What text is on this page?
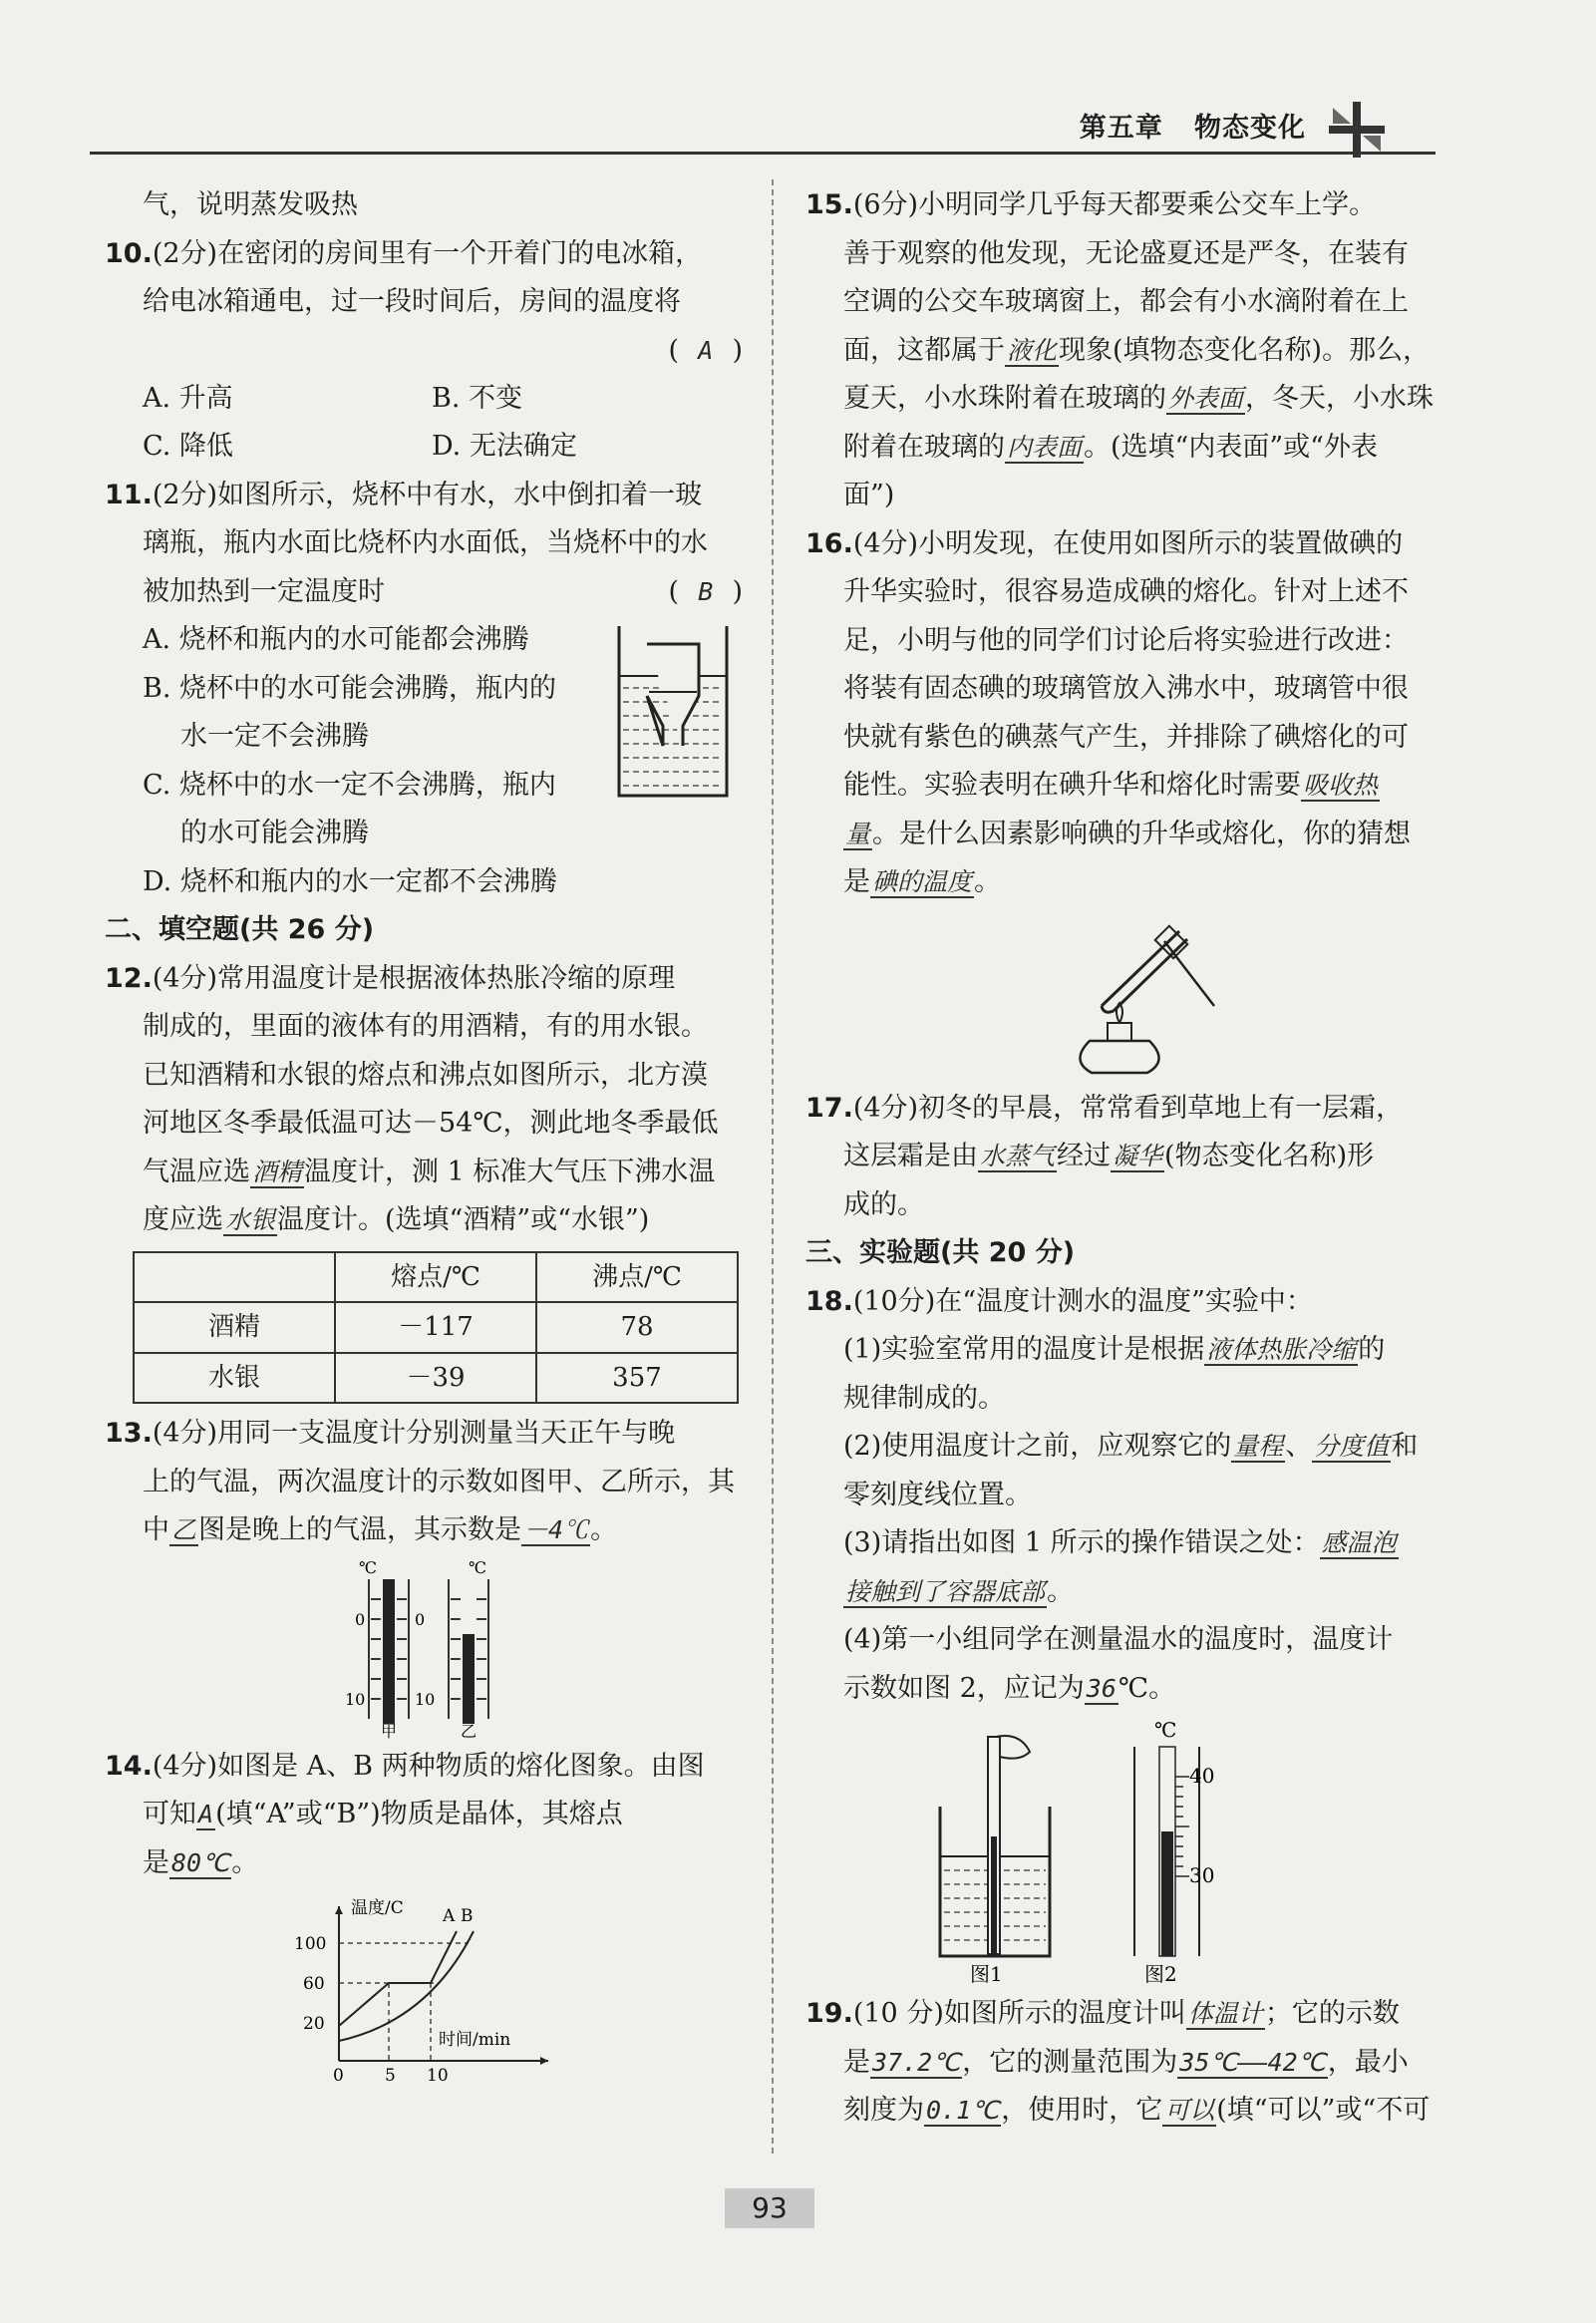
第五章 物态变化
气，说明蒸发吸热
10.(2分)在密闭的房间里有一个开着门的电冰箱，
给电冰箱通电，过一段时间后，房间的温度将
(  A  )
A. 升高	B. 不变
C. 降低	D. 无法确定
11.(2分)如图所示，烧杯中有水，水中倒扣着一玻
璃瓶，瓶内水面比烧杯内水面低，当烧杯中的水
被加热到一定温度时	(  B  )
A. 烧杯和瓶内的水可能都会沸腾
B. 烧杯中的水可能会沸腾，瓶内的
水一定不会沸腾
C. 烧杯中的水一定不会沸腾，瓶内
的水可能会沸腾
D. 烧杯和瓶内的水一定都不会沸腾
二、填空题(共 26 分)
12.(4分)常用温度计是根据液体热胀冷缩的原理
制成的，里面的液体有的用酒精，有的用水银。
已知酒精和水银的熔点和沸点如图所示，北方漠
河地区冬季最低温可达－54℃，测此地冬季最低
气温应选酒精温度计，测 1 标准大气压下沸水温
度应选水银温度计。(选填“酒精”或“水银”)
	熔点/℃	沸点/℃
酒精	－117	78
水银	－39	357
13.(4分)用同一支温度计分别测量当天正午与晚
上的气温，两次温度计的示数如图甲、乙所示，其
中乙图是晚上的气温，其示数是－4℃。
℃
0
10
甲
℃
0
10
乙
14.(4分)如图是 A、B 两种物质的熔化图象。由图
可知A(填“A”或“B”)物质是晶体，其熔点
是80℃。
温度/C
时间/min
100
60
20
0 5 10
A B
15.(6分)小明同学几乎每天都要乘公交车上学。
善于观察的他发现，无论盛夏还是严冬，在装有
空调的公交车玻璃窗上，都会有小水滴附着在上
面，这都属于液化现象(填物态变化名称)。那么，
夏天，小水珠附着在玻璃的外表面，冬天，小水珠
附着在玻璃的内表面。(选填“内表面”或“外表
面”)
16.(4分)小明发现，在使用如图所示的装置做碘的
升华实验时，很容易造成碘的熔化。针对上述不
足，小明与他的同学们讨论后将实验进行改进：
将装有固态碘的玻璃管放入沸水中，玻璃管中很
快就有紫色的碘蒸气产生，并排除了碘熔化的可
能性。实验表明在碘升华和熔化时需要吸收热
量。是什么因素影响碘的升华或熔化，你的猜想
是碘的温度。
17.(4分)初冬的早晨，常常看到草地上有一层霜，
这层霜是由水蒸气经过凝华(物态变化名称)形
成的。
三、实验题(共 20 分)
18.(10分)在“温度计测水的温度”实验中：
(1)实验室常用的温度计是根据液体热胀冷缩的
规律制成的。
(2)使用温度计之前，应观察它的量程、分度值和
零刻度线位置。
(3)请指出如图 1 所示的操作错误之处：感温泡
接触到了容器底部。
(4)第一小组同学在测量温水的温度时，温度计
示数如图 2，应记为36℃。
图1
℃
40
30
图2
19.(10 分)如图所示的温度计叫体温计；它的示数
是37.2℃，它的测量范围为35℃——42℃，最小
刻度为0.1℃，使用时，它可以(填“可以”或“不可
93
